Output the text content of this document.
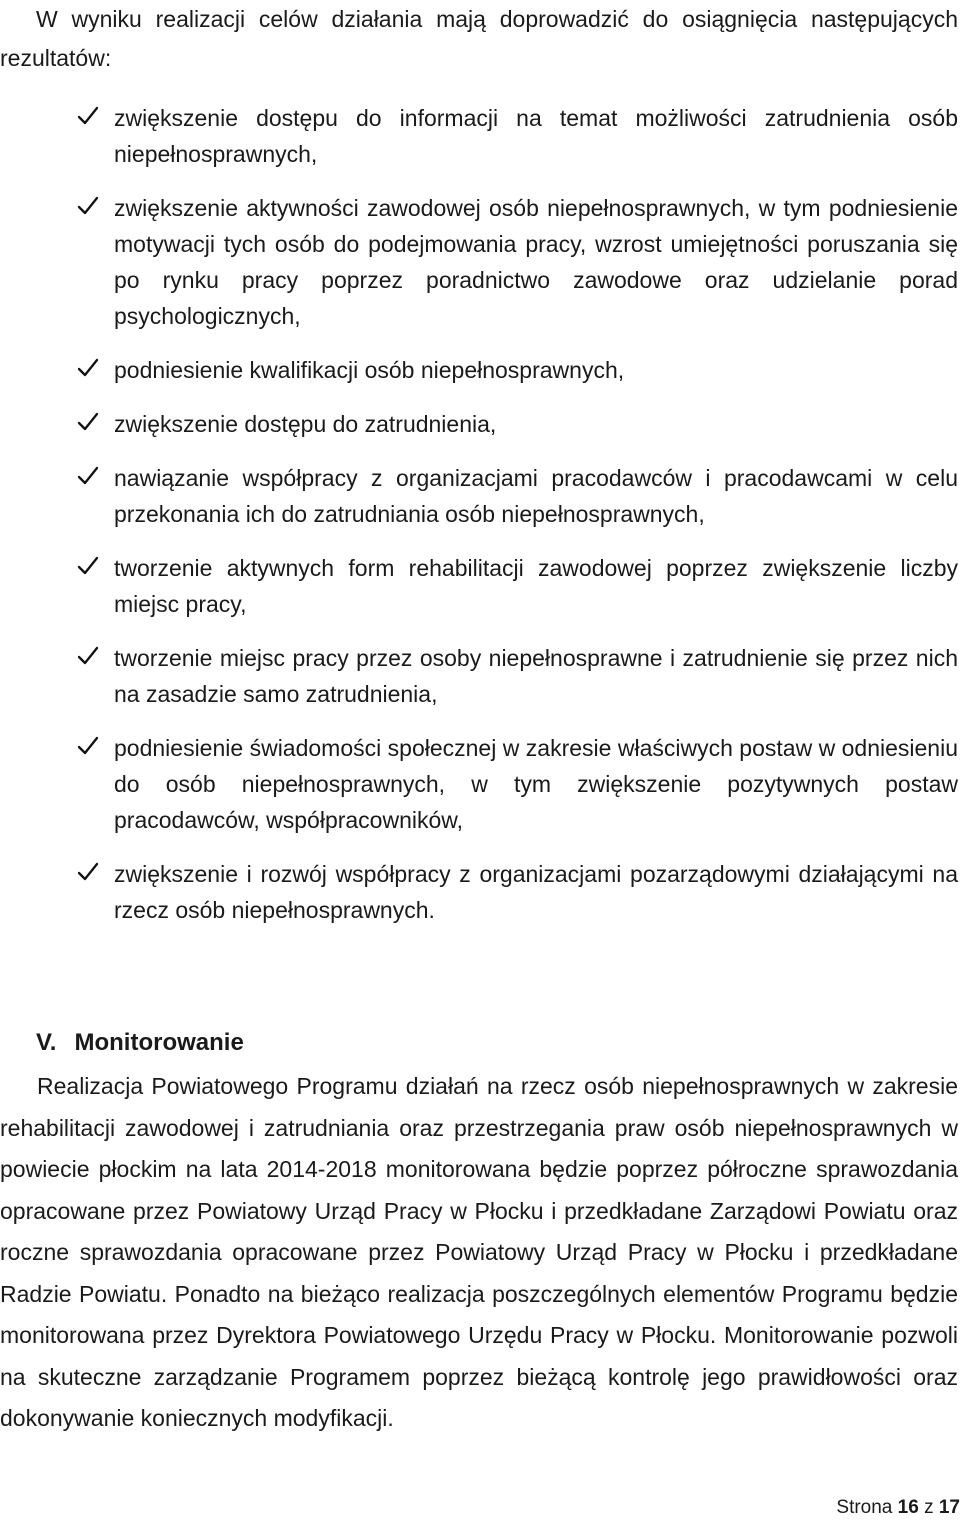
W wyniku realizacji celów działania mają doprowadzić do osiągnięcia następujących rezultatów:

zwiększenie dostępu do informacji na temat możliwości zatrudnienia osób niepełnosprawnych,
zwiększenie aktywności zawodowej osób niepełnosprawnych, w tym podniesienie motywacji tych osób do podejmowania pracy, wzrost umiejętności poruszania się po rynku pracy poprzez poradnictwo zawodowe oraz udzielanie porad psychologicznych,
podniesienie kwalifikacji osób niepełnosprawnych,
zwiększenie dostępu do zatrudnienia,
nawiązanie współpracy z organizacjami pracodawców i pracodawcami w celu przekonania ich do zatrudniania osób niepełnosprawnych,
tworzenie aktywnych form rehabilitacji zawodowej poprzez zwiększenie liczby miejsc pracy,
tworzenie miejsc pracy przez osoby niepełnosprawne i zatrudnienie się przez nich na zasadzie samo zatrudnienia,
podniesienie świadomości społecznej w zakresie właściwych postaw w odniesieniu do osób niepełnosprawnych, w tym zwiększenie pozytywnych postaw pracodawców, współpracowników,
zwiększenie i rozwój współpracy z organizacjami pozarządowymi działającymi na rzecz osób niepełnosprawnych.
V. Monitorowanie

Realizacja Powiatowego Programu działań na rzecz osób niepełnosprawnych w zakresie rehabilitacji zawodowej i zatrudniania oraz przestrzegania praw osób niepełnosprawnych w powiecie płockim na lata 2014-2018 monitorowana będzie poprzez półroczne sprawozdania opracowane przez Powiatowy Urząd Pracy w Płocku i przedkładane Zarządowi Powiatu oraz roczne sprawozdania opracowane przez Powiatowy Urząd Pracy w Płocku i przedkładane Radzie Powiatu. Ponadto na bieżąco realizacja poszczególnych elementów Programu będzie monitorowana przez Dyrektora Powiatowego Urzędu Pracy w Płocku. Monitorowanie pozwoli na skuteczne zarządzanie Programem poprzez bieżącą kontrolę jego prawidłowości oraz dokonywanie koniecznych modyfikacji.

Strona 16 z 17
